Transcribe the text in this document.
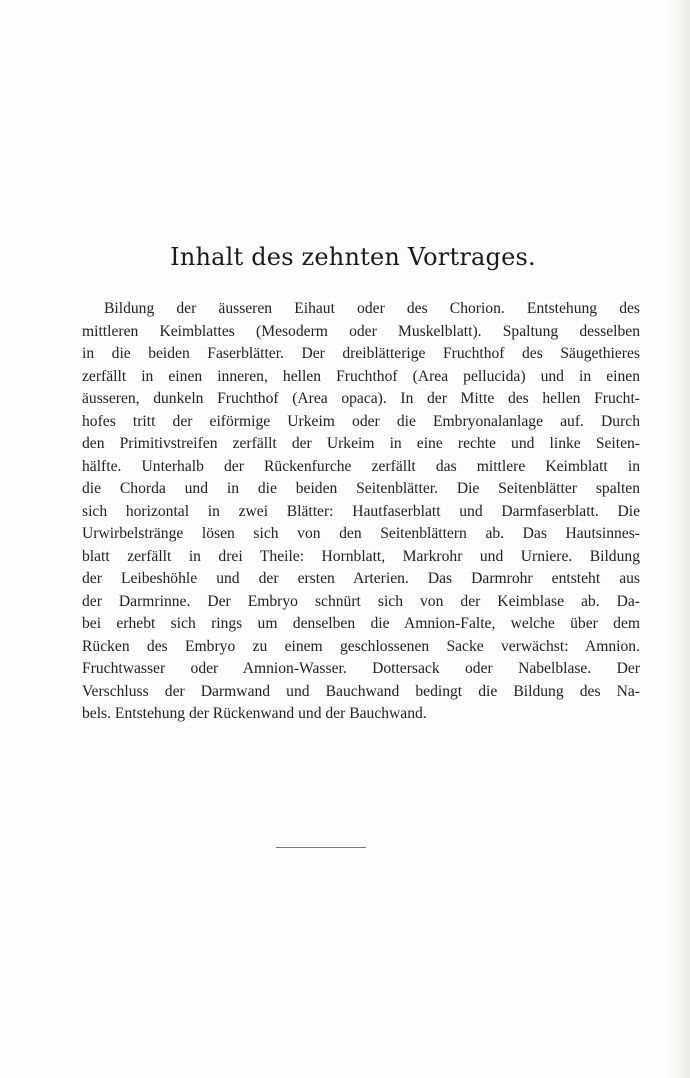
Inhalt des zehnten Vortrages.
Bildung der äusseren Eihaut oder des Chorion. Entstehung des
mittleren Keimblattes (Mesoderm oder Muskelblatt). Spaltung desselben
in die beiden Faserblätter. Der dreiblätterige Fruchthof des Säugethieres
zerfällt in einen inneren, hellen Fruchthof (Area pellucida) und in einen
äusseren, dunkeln Fruchthof (Area opaca). In der Mitte des hellen Frucht-
hofes tritt der eiförmige Urkeim oder die Embryonalanlage auf. Durch
den Primitivstreifen zerfällt der Urkeim in eine rechte und linke Seiten-
hälfte. Unterhalb der Rückenfurche zerfällt das mittlere Keimblatt in
die Chorda und in die beiden Seitenblätter. Die Seitenblätter spalten
sich horizontal in zwei Blätter: Hautfaserblatt und Darmfaserblatt. Die
Urwirbelstränge lösen sich von den Seitenblättern ab. Das Hautsinnes-
blatt zerfällt in drei Theile: Hornblatt, Markrohr und Urniere. Bildung
der Leibeshöhle und der ersten Arterien. Das Darmrohr entsteht aus
der Darmrinne. Der Embryo schnürt sich von der Keimblase ab. Da-
bei erhebt sich rings um denselben die Amnion-Falte, welche über dem
Rücken des Embryo zu einem geschlossenen Sacke verwächst: Amnion.
Fruchtwasser oder Amnion-Wasser. Dottersack oder Nabelblase. Der
Verschluss der Darmwand und Bauchwand bedingt die Bildung des Na-
bels. Entstehung der Rückenwand und der Bauchwand.
